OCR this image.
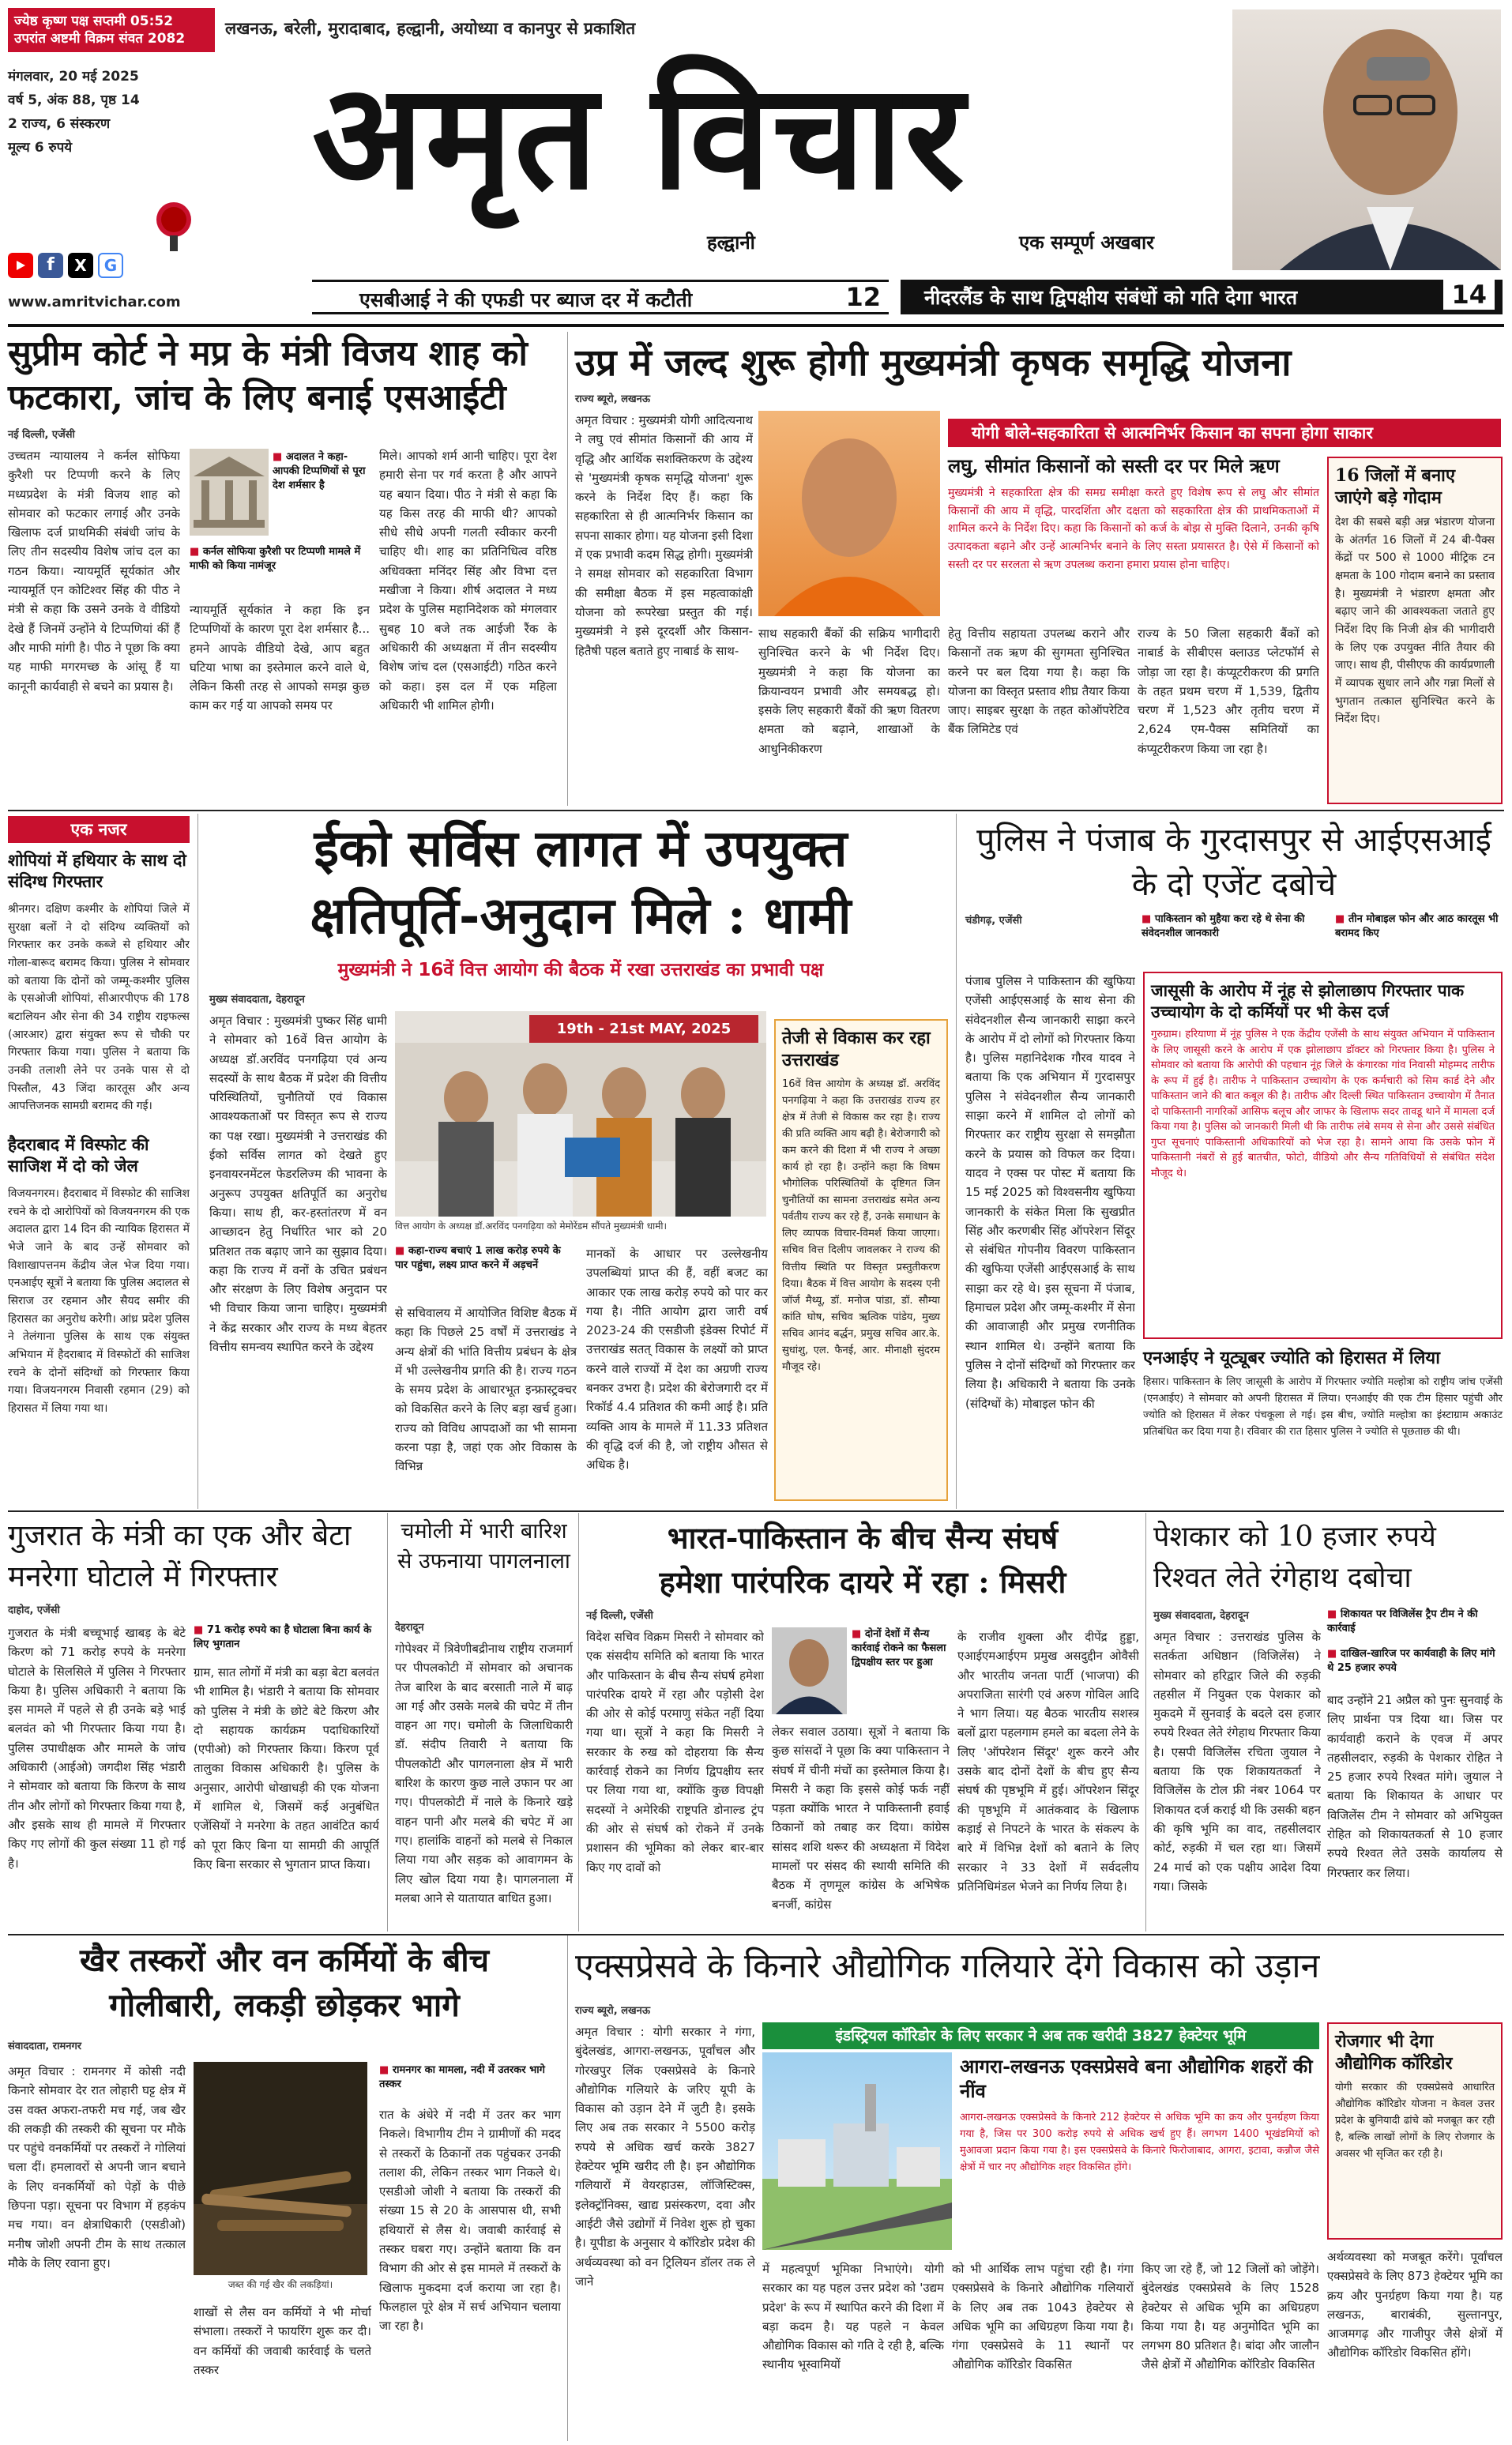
ज्येष्ठ कृष्ण पक्ष सप्तमी 05:52
उपरांत अष्टमी विक्रम संवत 2082
लखनऊ, बरेली, मुरादाबाद, हल्द्वानी, अयोध्या व कानपुर से प्रकाशित
मंगलवार, 20 मई 2025
वर्ष 5, अंक 88, पृष्ठ 14
2 राज्य, 6 संस्करण
मूल्य 6 रुपये
f	X	G
www.amritvichar.com
अमृत विचार
हल्द्वानी	एक सम्पूर्ण अखबार
एसबीआई ने की एफडी पर ब्याज दर में कटौती	12 नीदरलैंड के साथ द्विपक्षीय संबंधों को गति देगा भारत	14
सुप्रीम कोर्ट ने मप्र के मंत्री विजय शाह को फटकारा, जांच के लिए बनाई एसआईटी
नई दिल्ली, एजेंसी
उच्चतम न्यायालय ने कर्नल सोफिया कुरैशी पर टिप्पणी करने के लिए मध्यप्रदेश के मंत्री विजय शाह को सोमवार को फटकार लगाई और उनके खिलाफ दर्ज प्राथमिकी संबंधी जांच के लिए तीन सदस्यीय विशेष जांच दल का गठन किया। न्यायमूर्ति सूर्यकांत और न्यायमूर्ति एन कोटिश्वर सिंह की पीठ ने मंत्री से कहा कि उसने उनके वे वीडियो देखे हैं जिनमें उन्होंने ये टिप्पणियां कीं हैं और माफी मांगी है। पीठ ने पूछा कि क्या यह माफी मगरमच्छ के आंसू हैं या कानूनी कार्यवाही से बचने का प्रयास है।
■ अदालत ने कहा-आपकी टिप्पणियों से पूरा देश शर्मसार है
■ कर्नल सोफिया कुरैशी पर टिप्पणी मामले में माफी को किया नामंजूर
न्यायमूर्ति सूर्यकांत ने कहा कि इन टिप्पणियों के कारण पूरा देश शर्मसार है... हमने आपके वीडियो देखे, आप बहुत घटिया भाषा का इस्तेमाल करने वाले थे, लेकिन किसी तरह से आपको समझ कुछ काम कर गई या आपको समय पर
मिले। आपको शर्म आनी चाहिए। पूरा देश हमारी सेना पर गर्व करता है और आपने यह बयान दिया। पीठ ने मंत्री से कहा कि यह किस तरह की माफी थी? आपको सीधे सीधे अपनी गलती स्वीकार करनी चाहिए थी। शाह का प्रतिनिधित्व वरिष्ठ अधिवक्ता मनिंदर सिंह और विभा दत्त मखीजा ने किया। शीर्ष अदालत ने मध्य प्रदेश के पुलिस महानिदेशक को मंगलवार सुबह 10 बजे तक आईजी रैंक के अधिकारी की अध्यक्षता में तीन सदस्यीय विशेष जांच दल (एसआईटी) गठित करने को कहा। इस दल में एक महिला अधिकारी भी शामिल होगी।
उप्र में जल्द शुरू होगी मुख्यमंत्री कृषक समृद्धि योजना
राज्य ब्यूरो, लखनऊ
योगी बोले-सहकारिता से आत्मनिर्भर किसान का सपना होगा साकार
अमृत विचार : मुख्यमंत्री योगी आदित्यनाथ ने लघु एवं सीमांत किसानों की आय में वृद्धि और आर्थिक सशक्तिकरण के उद्देश्य से 'मुख्यमंत्री कृषक समृद्धि योजना' शुरू करने के निर्देश दिए हैं। कहा कि सहकारिता से ही आत्मनिर्भर किसान का सपना साकार होगा। यह योजना इसी दिशा में एक प्रभावी कदम सिद्ध होगी। मुख्यमंत्री ने समक्ष सोमवार को सहकारिता विभाग की समीक्षा बैठक में इस महत्वाकांक्षी योजना को रूपरेखा प्रस्तुत की गई। मुख्यमंत्री ने इसे दूरदर्शी और किसान-हितैषी पहल बताते हुए नाबार्ड के साथ-
लघु, सीमांत किसानों को सस्ती दर पर मिले ऋण
मुख्यमंत्री ने सहकारिता क्षेत्र की समग्र समीक्षा करते हुए विशेष रूप से लघु और सीमांत किसानों की आय में वृद्धि, पारदर्शिता और दक्षता को सहकारिता क्षेत्र की प्राथमिकताओं में शामिल करने के निर्देश दिए। कहा कि किसानों को कर्ज के बोझ से मुक्ति दिलाने, उनकी कृषि उत्पादकता बढ़ाने और उन्हें आत्मनिर्भर बनाने के लिए सस्ता प्रयासरत है। ऐसे में किसानों को सस्ती दर पर सरलता से ऋण उपलब्ध कराना हमारा प्रयास होना चाहिए।
16 जिलों में बनाए जाएंगे बड़े गोदाम
देश की सबसे बड़ी अन्न भंडारण योजना के अंतर्गत 16 जिलों में 24 बी-पैक्स केंद्रों पर 500 से 1000 मीट्रिक टन क्षमता के 100 गोदाम बनाने का प्रस्ताव है। मुख्यमंत्री ने भंडारण क्षमता और बढ़ाए जाने की आवश्यकता जताते हुए निर्देश दिए कि निजी क्षेत्र की भागीदारी के लिए एक उपयुक्त नीति तैयार की जाए। साथ ही, पीसीएफ की कार्यप्रणाली में व्यापक सुधार लाने और गन्ना मिलों से भुगतान तत्काल सुनिश्चित करने के निर्देश दिए।
साथ सहकारी बैंकों की सक्रिय भागीदारी सुनिश्चित करने के भी निर्देश दिए। मुख्यमंत्री ने कहा कि योजना का क्रियान्वयन प्रभावी और समयबद्ध हो। इसके लिए सहकारी बैंकों की ऋण वितरण क्षमता को बढ़ाने, शाखाओं के आधुनिकीकरण
हेतु वित्तीय सहायता उपलब्ध कराने और किसानों तक ऋण की सुगमता सुनिश्चित करने पर बल दिया गया है। कहा कि योजना का विस्तृत प्रस्ताव शीघ्र तैयार किया जाए। साइबर सुरक्षा के तहत कोऑपरेटिव बैंक लिमिटेड एवं
राज्य के 50 जिला सहकारी बैंकों को नाबार्ड के सीबीएस क्लाउड प्लेटफॉर्म से जोड़ा जा रहा है। कंप्यूटरीकरण की प्रगति के तहत प्रथम चरण में 1,539, द्वितीय चरण में 1,523 और तृतीय चरण में 2,624 एम-पैक्स समितियों का कंप्यूटरीकरण किया जा रहा है।
एक नजर
शोपियां में हथियार के साथ दो संदिग्ध गिरफ्तार
श्रीनगर। दक्षिण कश्मीर के शोपियां जिले में सुरक्षा बलों ने दो संदिग्ध व्यक्तियों को गिरफ्तार कर उनके कब्जे से हथियार और गोला-बारूद बरामद किया। पुलिस ने सोमवार को बताया कि दोनों को जम्मू-कश्मीर पुलिस के एसओजी शोपियां, सीआरपीएफ की 178 बटालियन और सेना की 34 राष्ट्रीय राइफल्स (आरआर) द्वारा संयुक्त रूप से चौकी पर गिरफ्तार किया गया। पुलिस ने बताया कि उनकी तलाशी लेने पर उनके पास से दो पिस्तौल, 43 जिंदा कारतूस और अन्य आपत्तिजनक सामग्री बरामद की गई।
हैदराबाद में विस्फोट की साजिश में दो को जेल
विजयनगरम। हैदराबाद में विस्फोट की साजिश रचने के दो आरोपियों को विजयनगरम की एक अदालत द्वारा 14 दिन की न्यायिक हिरासत में भेजे जाने के बाद उन्हें सोमवार को विशाखापत्तनम केंद्रीय जेल भेज दिया गया। एनआईए सूत्रों ने बताया कि पुलिस अदालत से सिराज उर रहमान और सैयद समीर की हिरासत का अनुरोध करेगी। आंध्र प्रदेश पुलिस ने तेलंगाना पुलिस के साथ एक संयुक्त अभियान में हैदराबाद में विस्फोटों की साजिश रचने के दोनों संदिग्धों को गिरफ्तार किया गया। विजयनगरम निवासी रहमान (29) को हिरासत में लिया गया था।
ईको सर्विस लागत में उपयुक्त
क्षतिपूर्ति-अनुदान मिले : धामी
मुख्यमंत्री ने 16वें वित्त आयोग की बैठक में रखा उत्तराखंड का प्रभावी पक्ष
मुख्य संवाददाता, देहरादून
अमृत विचार : मुख्यमंत्री पुष्कर सिंह धामी ने सोमवार को 16वें वित्त आयोग के अध्यक्ष डॉ.अरविंद पनगढ़िया एवं अन्य सदस्यों के साथ बैठक में प्रदेश की वित्तीय परिस्थितियों, चुनौतियों एवं विकास आवश्यकताओं पर विस्तृत रूप से राज्य का पक्ष रखा। मुख्यमंत्री ने उत्तराखंड की ईको सर्विस लागत को देखते हुए इनवायरनमेंटल फेडरलिज्म की भावना के अनुरूप उपयुक्त क्षतिपूर्ति का अनुरोध किया। साथ ही, कर-हस्तांतरण में वन आच्छादन हेतु निर्धारित भार को 20 प्रतिशत तक बढ़ाए जाने का सुझाव दिया। कहा कि राज्य में वनों के उचित प्रबंधन और संरक्षण के लिए विशेष अनुदान पर भी विचार किया जाना चाहिए। मुख्यमंत्री ने केंद्र सरकार और राज्य के मध्य बेहतर वित्तीय समन्वय स्थापित करने के उद्देश्य
19th - 21st MAY, 2025
वित्त आयोग के अध्यक्ष डॉ.अरविंद पनगढ़िया को मेमोरेंडम सौंपते मुख्यमंत्री धामी।
■ कहा-राज्य बचाएं 1 लाख करोड़ रुपये के पार पहुंचा, लक्ष्य प्राप्त करने में अड़चनें
से सचिवालय में आयोजित विशिष्ट बैठक में कहा कि पिछले 25 वर्षों में उत्तराखंड ने अन्य क्षेत्रों की भांति वित्तीय प्रबंधन के क्षेत्र में भी उल्लेखनीय प्रगति की है। राज्य गठन के समय प्रदेश के आधारभूत इन्फ्रास्ट्रक्चर को विकसित करने के लिए बड़ा खर्च हुआ। राज्य को विविध आपदाओं का भी सामना करना पड़ा है, जहां एक ओर विकास के विभिन्न
मानकों के आधार पर उल्लेखनीय उपलब्धियां प्राप्त की हैं, वहीं बजट का आकार एक लाख करोड़ रुपये को पार कर गया है। नीति आयोग द्वारा जारी वर्ष 2023-24 की एसडीजी इंडेक्स रिपोर्ट में उत्तराखंड सतत् विकास के लक्ष्यों को प्राप्त करने वाले राज्यों में देश का अग्रणी राज्य बनकर उभरा है। प्रदेश की बेरोजगारी दर में रिकॉर्ड 4.4 प्रतिशत की कमी आई है। प्रति व्यक्ति आय के मामले में 11.33 प्रतिशत की वृद्धि दर्ज की है, जो राष्ट्रीय औसत से अधिक है।
तेजी से विकास कर रहा उत्तराखंड
16वें वित्त आयोग के अध्यक्ष डॉ. अरविंद पनगढ़िया ने कहा कि उत्तराखंड राज्य हर क्षेत्र में तेजी से विकास कर रहा है। राज्य की प्रति व्यक्ति आय बढ़ी है। बेरोजगारी को कम करने की दिशा में भी राज्य ने अच्छा कार्य हो रहा है। उन्होंने कहा कि विषम भौगोलिक परिस्थितियों के दृष्टिगत जिन चुनौतियों का सामना उत्तराखंड समेत अन्य पर्वतीय राज्य कर रहे हैं, उनके समाधान के लिए व्यापक विचार-विमर्श किया जाएगा। सचिव वित्त दिलीप जावलकर ने राज्य की वित्तीय स्थिति पर विस्तृत प्रस्तुतीकरण दिया। बैठक में वित्त आयोग के सदस्य एनी जॉर्ज मैथ्यू, डॉ. मनोज पांडा, डॉ. सौम्या कांति घोष, सचिव ऋत्विक पांडेय, मुख्य सचिव आनंद बर्द्धन, प्रमुख सचिव आर.के. सुधांशु, एल. फैनई, आर. मीनाक्षी सुंदरम मौजूद रहे।
पुलिस ने पंजाब के गुरदासपुर से आईएसआई के दो एजेंट दबोचे
चंडीगढ़, एजेंसी	■ पाकिस्तान को मुहैया करा रहे थे सेना की संवेदनशील जानकारी
■ तीन मोबाइल फोन और आठ कारतूस भी बरामद किए
पंजाब पुलिस ने पाकिस्तान की खुफिया एजेंसी आईएसआई के साथ सेना की संवेदनशील सैन्य जानकारी साझा करने के आरोप में दो लोगों को गिरफ्तार किया है। पुलिस महानिदेशक गौरव यादव ने बताया कि एक अभियान में गुरदासपुर पुलिस ने संवेदनशील सैन्य जानकारी साझा करने में शामिल दो लोगों को गिरफ्तार कर राष्ट्रीय सुरक्षा से समझौता करने के प्रयास को विफल कर दिया। यादव ने एक्स पर पोस्ट में बताया कि 15 मई 2025 को विश्वसनीय खुफिया जानकारी के संकेत मिला कि सुखप्रीत सिंह और करणबीर सिंह ऑपरेशन सिंदूर से संबंधित गोपनीय विवरण पाकिस्तान की खुफिया एजेंसी आईएसआई के साथ साझा कर रहे थे। इस सूचना में पंजाब, हिमाचल प्रदेश और जम्मू-कश्मीर में सेना की आवाजाही और प्रमुख रणनीतिक स्थान शामिल थे। उन्होंने बताया कि पुलिस ने दोनों संदिग्धों को गिरफ्तार कर लिया है। अधिकारी ने बताया कि उनके (संदिग्धों के) मोबाइल फोन की
जासूसी के आरोप में नूंह से झोलाछाप गिरफ्तार पाक उच्चायोग के दो कर्मियों पर भी केस दर्ज
गुरुग्राम। हरियाणा में नूंह पुलिस ने एक केंद्रीय एजेंसी के साथ संयुक्त अभियान में पाकिस्तान के लिए जासूसी करने के आरोप में एक झोलाछाप डॉक्टर को गिरफ्तार किया है। पुलिस ने सोमवार को बताया कि आरोपी की पहचान नूंह जिले के कंगारका गांव निवासी मोहम्मद तारीफ के रूप में हुई है। तारीफ ने पाकिस्तान उच्चायोग के एक कर्मचारी को सिम कार्ड देने और पाकिस्तान जाने की बात कबूल की है। तारीफ और दिल्ली स्थित पाकिस्तान उच्चायोग में तैनात दो पाकिस्तानी नागरिकों आसिफ बलूच और जाफर के खिलाफ सदर तावडू थाने में मामला दर्ज किया गया है। पुलिस को जानकारी मिली थी कि तारीफ लंबे समय से सेना और उससे संबंधित गुप्त सूचनाएं पाकिस्तानी अधिकारियों को भेज रहा है। सामने आया कि उसके फोन में पाकिस्तानी नंबरों से हुई बातचीत, फोटो, वीडियो और सैन्य गतिविधियों से संबंधित संदेश मौजूद थे।
एनआईए ने यूट्यूबर ज्योति को हिरासत में लिया
हिसार। पाकिस्तान के लिए जासूसी के आरोप में गिरफ्तार ज्योति मल्होत्रा को राष्ट्रीय जांच एजेंसी (एनआईए) ने सोमवार को अपनी हिरासत में लिया। एनआईए की एक टीम हिसार पहुंची और ज्योति को हिरासत में लेकर पंचकूला ले गई। इस बीच, ज्योति मल्होत्रा का इंस्टाग्राम अकाउंट प्रतिबंधित कर दिया गया है। रविवार की रात हिसार पुलिस ने ज्योति से पूछताछ की थी।
गुजरात के मंत्री का एक और बेटा मनरेगा घोटाले में गिरफ्तार
दाहोद, एजेंसी
गुजरात के मंत्री बच्चूभाई खाबड़ के बेटे किरण को 71 करोड़ रुपये के मनरेगा घोटाले के सिलसिले में पुलिस ने गिरफ्तार किया है। पुलिस अधिकारी ने बताया कि इस मामले में पहले से ही उनके बड़े भाई बलवंत को भी गिरफ्तार किया गया है। पुलिस उपाधीक्षक और मामले के जांच अधिकारी (आईओ) जगदीश सिंह भंडारी ने सोमवार को बताया कि किरण के साथ तीन और लोगों को गिरफ्तार किया गया है, और इसके साथ ही मामले में गिरफ्तार किए गए लोगों की कुल संख्या 11 हो गई है।
■ 71 करोड़ रुपये का है घोटाला बिना कार्य के लिए भुगतान
ग्राम, सात लोगों में मंत्री का बड़ा बेटा बलवंत भी शामिल है। भंडारी ने बताया कि सोमवार को पुलिस ने मंत्री के छोटे बेटे किरण और दो सहायक कार्यक्रम पदाधिकारियों (एपीओ) को गिरफ्तार किया। किरण पूर्व तालुका विकास अधिकारी है। पुलिस के अनुसार, आरोपी धोखाधड़ी की एक योजना में शामिल थे, जिसमें कई अनुबंधित एजेंसियों ने मनरेगा के तहत आवंटित कार्य को पूरा किए बिना या सामग्री की आपूर्ति किए बिना सरकार से भुगतान प्राप्त किया।
चमोली में भारी बारिश से उफनाया पागलनाला
देहरादून
गोपेश्वर में त्रिवेणीबद्रीनाथ राष्ट्रीय राजमार्ग पर पीपलकोटी में सोमवार को अचानक तेज बारिश के बाद बरसाती नाले में बाढ़ आ गई और उसके मलबे की चपेट में तीन वाहन आ गए। चमोली के जिलाधिकारी डॉ. संदीप तिवारी ने बताया कि पीपलकोटी और पागलनाला क्षेत्र में भारी बारिश के कारण कुछ नाले उफान पर आ गए। पीपलकोटी में नाले के किनारे खड़े वाहन पानी और मलबे की चपेट में आ गए। हालांकि वाहनों को मलबे से निकाल लिया गया और सड़क को आवागमन के लिए खोल दिया गया है। पागलनाला में मलबा आने से यातायात बाधित हुआ।
भारत-पाकिस्तान के बीच सैन्य संघर्ष
हमेशा पारंपरिक दायरे में रहा : मिसरी
नई दिल्ली, एजेंसी
विदेश सचिव विक्रम मिसरी ने सोमवार को एक संसदीय समिति को बताया कि भारत और पाकिस्तान के बीच सैन्य संघर्ष हमेशा पारंपरिक दायरे में रहा और पड़ोसी देश की ओर से कोई परमाणु संकेत नहीं दिया गया था। सूत्रों ने कहा कि मिसरी ने सरकार के रुख को दोहराया कि सैन्य कार्रवाई रोकने का निर्णय द्विपक्षीय स्तर पर लिया गया था, क्योंकि कुछ विपक्षी सदस्यों ने अमेरिकी राष्ट्रपति डोनाल्ड ट्रंप की ओर से संघर्ष को रोकने में उनके प्रशासन की भूमिका को लेकर बार-बार किए गए दावों को
■ दोनों देशों में सैन्य कार्रवाई रोकने का फैसला द्विपक्षीय स्तर पर हुआ
लेकर सवाल उठाया। सूत्रों ने बताया कि कुछ सांसदों ने पूछा कि क्या पाकिस्तान ने संघर्ष में चीनी मंचों का इस्तेमाल किया है। मिसरी ने कहा कि इससे कोई फर्क नहीं पड़ता क्योंकि भारत ने पाकिस्तानी हवाई ठिकानों को तबाह कर दिया। कांग्रेस सांसद शशि थरूर की अध्यक्षता में विदेश मामलों पर संसद की स्थायी समिति की बैठक में तृणमूल कांग्रेस के अभिषेक बनर्जी, कांग्रेस
के राजीव शुक्ला और दीपेंद्र हुड्डा, एआईएमआईएम प्रमुख असदुद्दीन ओवैसी और भारतीय जनता पार्टी (भाजपा) की अपराजिता सारंगी एवं अरुण गोविल आदि ने भाग लिया। यह बैठक भारतीय सशस्त्र बलों द्वारा पहलगाम हमले का बदला लेने के लिए 'ऑपरेशन सिंदूर' शुरू करने और उसके बाद दोनों देशों के बीच हुए सैन्य संघर्ष की पृष्ठभूमि में हुई। ऑपरेशन सिंदूर की पृष्ठभूमि में आतंकवाद के खिलाफ कड़ाई से निपटने के भारत के संकल्प के बारे में विभिन्न देशों को बताने के लिए सरकार ने 33 देशों में सर्वदलीय प्रतिनिधिमंडल भेजने का निर्णय लिया है।
पेशकार को 10 हजार रुपये रिश्वत लेते रंगेहाथ दबोचा
मुख्य संवाददाता, देहरादून	■ शिकायत पर विजिलेंस ट्रैप टीम ने की कार्रवाई
■ दाखिल-खारिज पर कार्यवाही के लिए मांगे थे 25 हजार रुपये
अमृत विचार : उत्तराखंड पुलिस के सतर्कता अधिष्ठान (विजिलेंस) ने सोमवार को हरिद्वार जिले की रुड़की तहसील में नियुक्त एक पेशकार को मुकदमे में सुनवाई के बदले दस हजार रुपये रिश्वत लेते रंगेहाथ गिरफ्तार किया है। एसपी विजिलेंस रचिता जुयाल ने बताया कि एक शिकायतकर्ता ने विजिलेंस के टोल फ्री नंबर 1064 पर शिकायत दर्ज कराई थी कि उसकी बहन की कृषि भूमि का वाद, तहसीलदार कोर्ट, रुड़की में चल रहा था। जिसमें 24 मार्च को एक पक्षीय आदेश दिया गया। जिसके
बाद उन्होंने 21 अप्रैल को पुनः सुनवाई के लिए प्रार्थना पत्र दिया था। जिस पर कार्यवाही कराने के एवज में अपर तहसीलदार, रुड़की के पेशकार रोहित ने 25 हजार रुपये रिश्वत मांगे। जुयाल ने बताया कि शिकायत के आधार पर विजिलेंस टीम ने सोमवार को अभियुक्त रोहित को शिकायतकर्ता से 10 हजार रुपये रिश्वत लेते उसके कार्यालय से गिरफ्तार कर लिया।
खैर तस्करों और वन कर्मियों के बीच
गोलीबारी, लकड़ी छोड़कर भागे
संवाददाता, रामनगर
अमृत विचार : रामनगर में कोसी नदी किनारे सोमवार देर रात लोहारी घट्ट क्षेत्र में उस वक्त अफरा-तफरी मच गई, जब खैर की लकड़ी की तस्करी की सूचना पर मौके पर पहुंचे वनकर्मियों पर तस्करों ने गोलियां चला दीं। हमलावरों से अपनी जान बचाने के लिए वनकर्मियों को पेड़ों के पीछे छिपना पड़ा। सूचना पर विभाग में हड़कंप मच गया। वन क्षेत्राधिकारी (एसडीओ) मनीष जोशी अपनी टीम के साथ तत्काल मौके के लिए रवाना हुए।
जब्त की गई खैर की लकड़ियां।
शाखों से लैस वन कर्मियों ने भी मोर्चा संभाला। तस्करों ने फायरिंग शुरू कर दी। वन कर्मियों की जवाबी कार्रवाई के चलते तस्कर
■ रामनगर का मामला, नदी में उतरकर भागे तस्कर
रात के अंधेरे में नदी में उतर कर भाग निकले। विभागीय टीम ने ग्रामीणों की मदद से तस्करों के ठिकानों तक पहुंचकर उनकी तलाश की, लेकिन तस्कर भाग निकले थे। एसडीओ जोशी ने बताया कि तस्करों की संख्या 15 से 20 के आसपास थी, सभी हथियारों से लैस थे। जवाबी कार्रवाई से तस्कर घबरा गए। उन्होंने बताया कि वन विभाग की ओर से इस मामले में तस्करों के खिलाफ मुकदमा दर्ज कराया जा रहा है। फिलहाल पूरे क्षेत्र में सर्च अभियान चलाया जा रहा है।
एक्सप्रेसवे के किनारे औद्योगिक गलियारे देंगे विकास को उड़ान
राज्य ब्यूरो, लखनऊ
इंडस्ट्रियल कॉरिडोर के लिए सरकार ने अब तक खरीदी 3827 हेक्टेयर भूमि
अमृत विचार : योगी सरकार ने गंगा, बुंदेलखंड, आगरा-लखनऊ, पूर्वांचल और गोरखपुर लिंक एक्सप्रेसवे के किनारे औद्योगिक गलियारे के जरिए यूपी के विकास को उड़ान देने में जुटी है। इसके लिए अब तक सरकार ने 5500 करोड़ रुपये से अधिक खर्च करके 3827 हेक्टेयर भूमि खरीद ली है। इन औद्योगिक गलियारों में वेयरहाउस, लॉजिस्टिक्स, इलेक्ट्रॉनिक्स, खाद्य प्रसंस्करण, दवा और आईटी जैसे उद्योगों में निवेश शुरू हो चुका है। यूपीडा के अनुसार ये कॉरिडोर प्रदेश की अर्थव्यवस्था को वन ट्रिलियन डॉलर तक ले जाने
आगरा-लखनऊ एक्सप्रेसवे बना औद्योगिक शहरों की नींव
आगरा-लखनऊ एक्सप्रेसवे के किनारे 212 हेक्टेयर से अधिक भूमि का क्रय और पुनर्ग्रहण किया गया है, जिस पर 300 करोड़ रुपये से अधिक खर्च हुए हैं। लगभग 1400 भूखंडमियों को मुआवजा प्रदान किया गया है। इस एक्सप्रेसवे के किनारे फिरोजाबाद, आगरा, इटावा, कन्नौज जैसे क्षेत्रों में चार नए औद्योगिक शहर विकसित होंगे।
में महत्वपूर्ण भूमिका निभाएंगे। योगी सरकार का यह पहल उत्तर प्रदेश को 'उद्यम प्रदेश' के रूप में स्थापित करने की दिशा में बड़ा कदम है। यह पहले न केवल औद्योगिक विकास को गति दे रही है, बल्कि स्थानीय भूस्वामियों
को भी आर्थिक लाभ पहुंचा रही है। गंगा एक्सप्रेसवे के किनारे औद्योगिक गलियारों के लिए अब तक 1043 हेक्टेयर से अधिक भूमि का अधिग्रहण किया गया है। गंगा एक्सप्रेसवे के 11 स्थानों पर औद्योगिक कॉरिडोर विकसित
किए जा रहे हैं, जो 12 जिलों को जोड़ेंगे। बुंदेलखंड एक्सप्रेसवे के लिए 1528 हेक्टेयर से अधिक भूमि का अधिग्रहण किया गया है। यह अनुमोदित भूमि का लगभग 80 प्रतिशत है। बांदा और जालौन जैसे क्षेत्रों में औद्योगिक कॉरिडोर विकसित
रोजगार भी देगा औद्योगिक कॉरिडोर
योगी सरकार की एक्सप्रेसवे आधारित औद्योगिक कॉरिडोर योजना न केवल उत्तर प्रदेश के बुनियादी ढांचे को मजबूत कर रही है, बल्कि लाखों लोगों के लिए रोजगार के अवसर भी सृजित कर रही है।
अर्थव्यवस्था को मजबूत करेंगे। पूर्वांचल एक्सप्रेसवे के लिए 873 हेक्टेयर भूमि का क्रय और पुनर्ग्रहण किया गया है। यह लखनऊ, बाराबंकी, सुल्तानपुर, आजमगढ़ और गाजीपुर जैसे क्षेत्रों में औद्योगिक कॉरिडोर विकसित होंगे।
